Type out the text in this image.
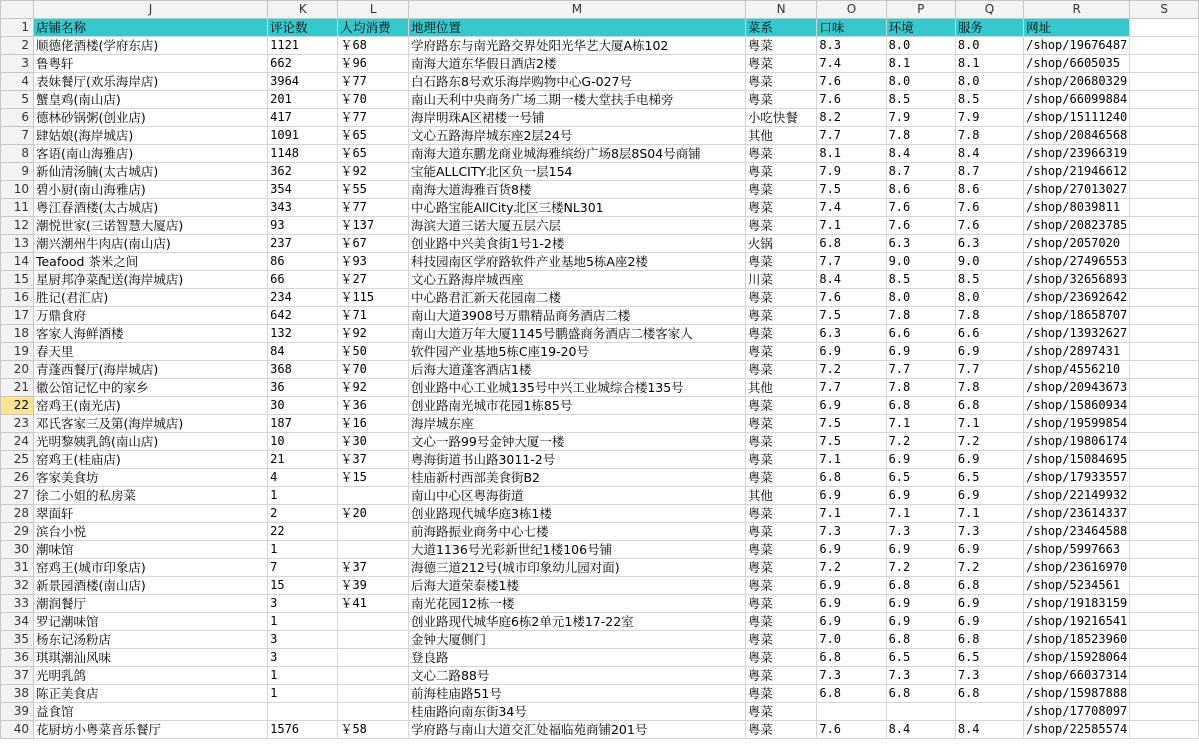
	J	K	L	M	N	O	P	Q	R	S
1	店铺名称	评论数	人均消费	地理位置	菜系	口味	环境	服务	网址	
2	顺德佬酒楼(学府东店)	1121	￥68	学府路东与南光路交界处阳光华艺大厦A栋102	粤菜	8.3	8.0	8.0	/shop/19676487	
3	鲁粤轩	662	￥96	南海大道东华假日酒店2楼	粤菜	7.4	8.1	8.1	/shop/6605035	
4	表妹餐厅(欢乐海岸店)	3964	￥77	白石路东8号欢乐海岸购物中心G-027号	粤菜	7.6	8.0	8.0	/shop/20680329	
5	蟹皇鸡(南山店)	201	￥70	南山天利中央商务广场二期一楼大堂扶手电梯旁	粤菜	7.6	8.5	8.5	/shop/66099884	
6	德林砂锅粥(创业店)	417	￥77	海岸明珠A区裙楼一号铺	小吃快餐	8.2	7.9	7.9	/shop/15111240	
7	肆姑娘(海岸城店)	1091	￥65	文心五路海岸城东座2层24号	其他	7.7	7.8	7.8	/shop/20846568	
8	客语(南山海雅店)	1148	￥65	南海大道东鹏龙商业城海雅缤纷广场8层8S04号商铺	粤菜	8.1	8.4	8.4	/shop/23966319	
9	新仙清汤腩(太古城店)	362	￥92	宝能ALLCITY北区负一层154	粤菜	7.9	8.7	8.7	/shop/21946612	
10	碧小厨(南山海雅店)	354	￥55	南海大道海雅百货8楼	粤菜	7.5	8.6	8.6	/shop/27013027	
11	粤江春酒楼(太古城店)	343	￥77	中心路宝能AllCity北区三楼NL301	粤菜	7.4	7.6	7.6	/shop/8039811	
12	潮悦世家(三诺智慧大厦店)	93	￥137	海滨大道三诺大厦五层六层	粤菜	7.1	7.6	7.6	/shop/20823785	
13	潮兴潮州牛肉店(南山店)	237	￥67	创业路中兴美食街1号1-2楼	火锅	6.8	6.3	6.3	/shop/2057020	
14	Teafood 茶米之间	86	￥93	科技园南区学府路软件产业基地5栋A座2楼	粤菜	7.7	9.0	9.0	/shop/27496553	
15	星厨邦净菜配送(海岸城店)	66	￥27	文心五路海岸城西座	川菜	8.4	8.5	8.5	/shop/32656893	
16	胜记(君汇店)	234	￥115	中心路君汇新天花园南二楼	粤菜	7.6	8.0	8.0	/shop/23692642	
17	万鼎食府	642	￥71	南山大道3908号万鼎精品商务酒店二楼	粤菜	7.5	7.8	7.8	/shop/18658707	
18	客家人海鲜酒楼	132	￥92	南山大道万年大厦1145号鹏盛商务酒店二楼客家人	粤菜	6.3	6.6	6.6	/shop/13932627	
19	春天里	84	￥50	软件园产业基地5栋C座19-20号	粤菜	6.9	6.9	6.9	/shop/2897431	
20	青蓬西餐厅(海岸城店)	368	￥70	后海大道蓬客酒店1楼	粤菜	7.2	7.7	7.7	/shop/4556210	
21	徽公馆记忆中的家乡	36	￥92	创业路中心工业城135号中兴工业城综合楼135号	其他	7.7	7.8	7.8	/shop/20943673	
22	窑鸡王(南光店)	30	￥36	创业路南光城市花园1栋85号	粤菜	6.9	6.8	6.8	/shop/15860934	
23	邓氏客家三及第(海岸城店)	187	￥16	海岸城东座	粤菜	7.5	7.1	7.1	/shop/19599854	
24	光明黎姨乳鸽(南山店)	10	￥30	文心一路99号金钟大厦一楼	粤菜	7.5	7.2	7.2	/shop/19806174	
25	窑鸡王(桂庙店)	21	￥37	粤海街道书山路3011-2号	粤菜	7.1	6.9	6.9	/shop/15084695	
26	客家美食坊	4	￥15	桂庙新村西部美食街B2	粤菜	6.8	6.5	6.5	/shop/17933557	
27	徐二小姐的私房菜	1		南山中心区粤海街道	其他	6.9	6.9	6.9	/shop/22149932	
28	翠面轩	2	￥20	创业路现代城华庭3栋1楼	粤菜	7.1	7.1	7.1	/shop/23614337	
29	滨台小悦	22		前海路振业商务中心七楼	粤菜	7.3	7.3	7.3	/shop/23464588	
30	潮味馆	1		大道1136号光彩新世纪1楼106号铺	粤菜	6.9	6.9	6.9	/shop/5997663	
31	窑鸡王(城市印象店)	7	￥37	海德三道212号(城市印象幼儿园对面)	粤菜	7.2	7.2	7.2	/shop/23616970	
32	新景园酒楼(南山店)	15	￥39	后海大道荣泰楼1楼	粤菜	6.9	6.8	6.8	/shop/5234561	
33	潮润餐厅	3	￥41	南光花园12栋一楼	粤菜	6.9	6.9	6.9	/shop/19183159	
34	罗记潮味馆	1		创业路现代城华庭6栋2单元1楼17-22室	粤菜	6.9	6.9	6.9	/shop/19216541	
35	杨东记汤粉店	3		金钟大厦侧门	粤菜	7.0	6.8	6.8	/shop/18523960	
36	琪琪潮汕风味	3		登良路	粤菜	6.8	6.5	6.5	/shop/15928064	
37	光明乳鸽	1		文心二路88号	粤菜	7.3	7.3	7.3	/shop/66037314	
38	陈正美食店	1		前海桂庙路51号	粤菜	6.8	6.8	6.8	/shop/15987888	
39	益食馆			桂庙路向南东街34号	粤菜				/shop/17708097	
40	花厨坊小粤菜音乐餐厅	1576	￥58	学府路与南山大道交汇处福临苑商铺201号	粤菜	7.6	8.4	8.4	/shop/22585574	
